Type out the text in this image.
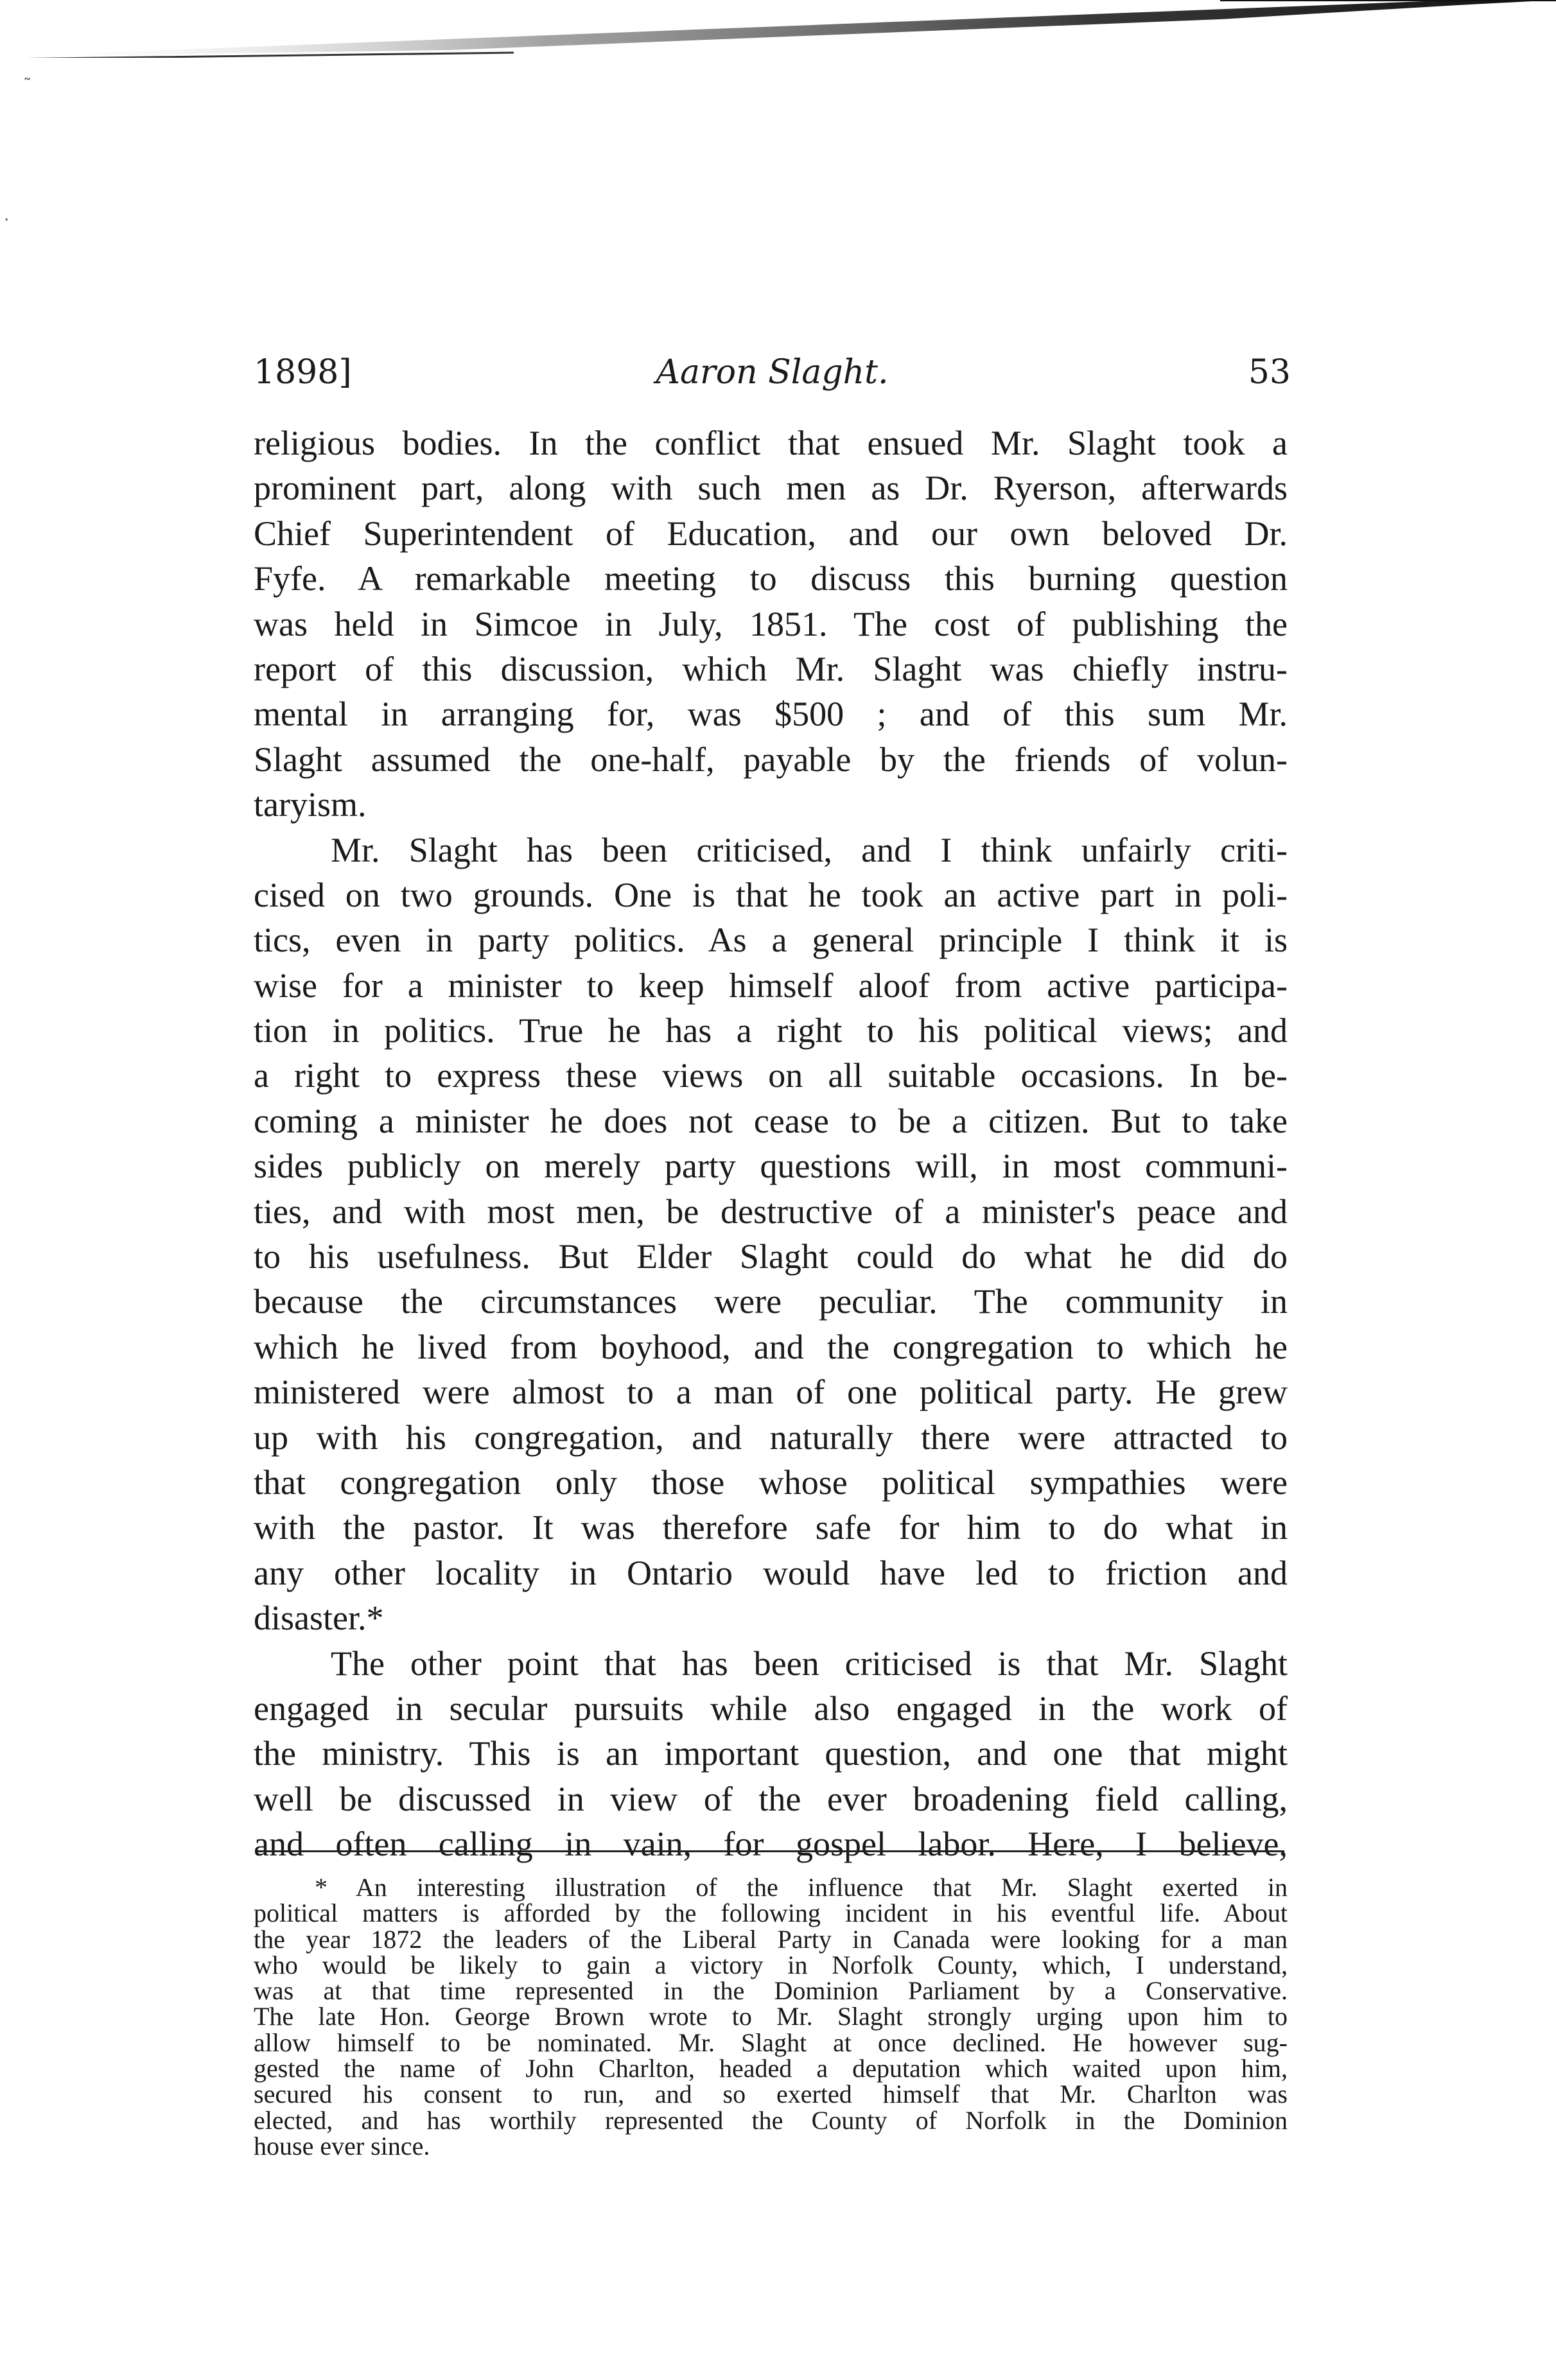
˜
·
1898]	Aaron Slaght.	53
religious bodies. In the conflict that ensued Mr. Slaght took a
prominent part, along with such men as Dr. Ryerson, afterwards
Chief Superintendent of Education, and our own beloved Dr.
Fyfe. A remarkable meeting to discuss this burning question
was held in Simcoe in July, 1851. The cost of publishing the
report of this discussion, which Mr. Slaght was chiefly instru-
mental in arranging for, was $500 ; and of this sum Mr.
Slaght assumed the one-half, payable by the friends of volun-
taryism.
Mr. Slaght has been criticised, and I think unfairly criti-
cised on two grounds. One is that he took an active part in poli-
tics, even in party politics. As a general principle I think it is
wise for a minister to keep himself aloof from active participa-
tion in politics. True he has a right to his political views; and
a right to express these views on all suitable occasions. In be-
coming a minister he does not cease to be a citizen. But to take
sides publicly on merely party questions will, in most communi-
ties, and with most men, be destructive of a minister's peace and
to his usefulness. But Elder Slaght could do what he did do
because the circumstances were peculiar. The community in
which he lived from boyhood, and the congregation to which he
ministered were almost to a man of one political party. He grew
up with his congregation, and naturally there were attracted to
that congregation only those whose political sympathies were
with the pastor. It was therefore safe for him to do what in
any other locality in Ontario would have led to friction and
disaster.*
The other point that has been criticised is that Mr. Slaght
engaged in secular pursuits while also engaged in the work of
the ministry. This is an important question, and one that might
well be discussed in view of the ever broadening field calling,
and often calling in vain, for gospel labor. Here, I believe,
* An interesting illustration of the influence that Mr. Slaght exerted in
political matters is afforded by the following incident in his eventful life. About
the year 1872 the leaders of the Liberal Party in Canada were looking for a man
who would be likely to gain a victory in Norfolk County, which, I understand,
was at that time represented in the Dominion Parliament by a Conservative.
The late Hon. George Brown wrote to Mr. Slaght strongly urging upon him to
allow himself to be nominated. Mr. Slaght at once declined. He however sug-
gested the name of John Charlton, headed a deputation which waited upon him,
secured his consent to run, and so exerted himself that Mr. Charlton was
elected, and has worthily represented the County of Norfolk in the Dominion
house ever since.
